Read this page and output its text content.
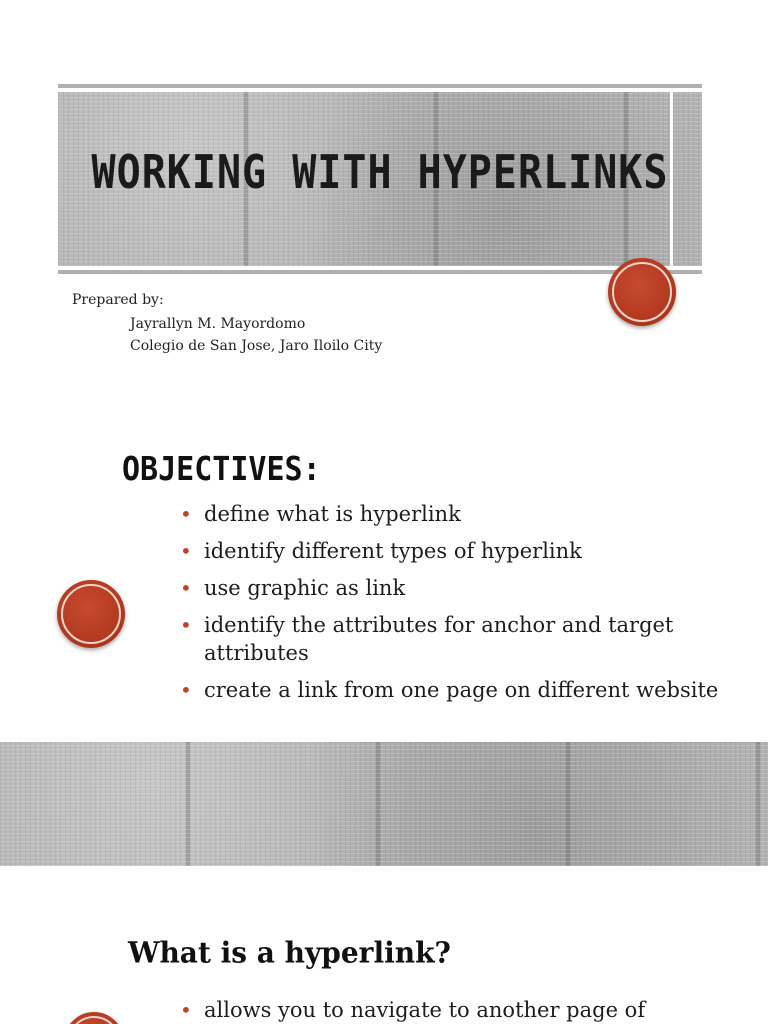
WORKING WITH HYPERLINKS
Prepared by:
Jayrallyn M. Mayordomo
Colegio de San Jose, Jaro Iloilo City
OBJECTIVES:
• define what is hyperlink
• identify different types of hyperlink
• use graphic as link
• identify the attributes for anchor and target attributes
• create a link from one page on different website
What is a hyperlink?
• allows you to navigate to another page of
